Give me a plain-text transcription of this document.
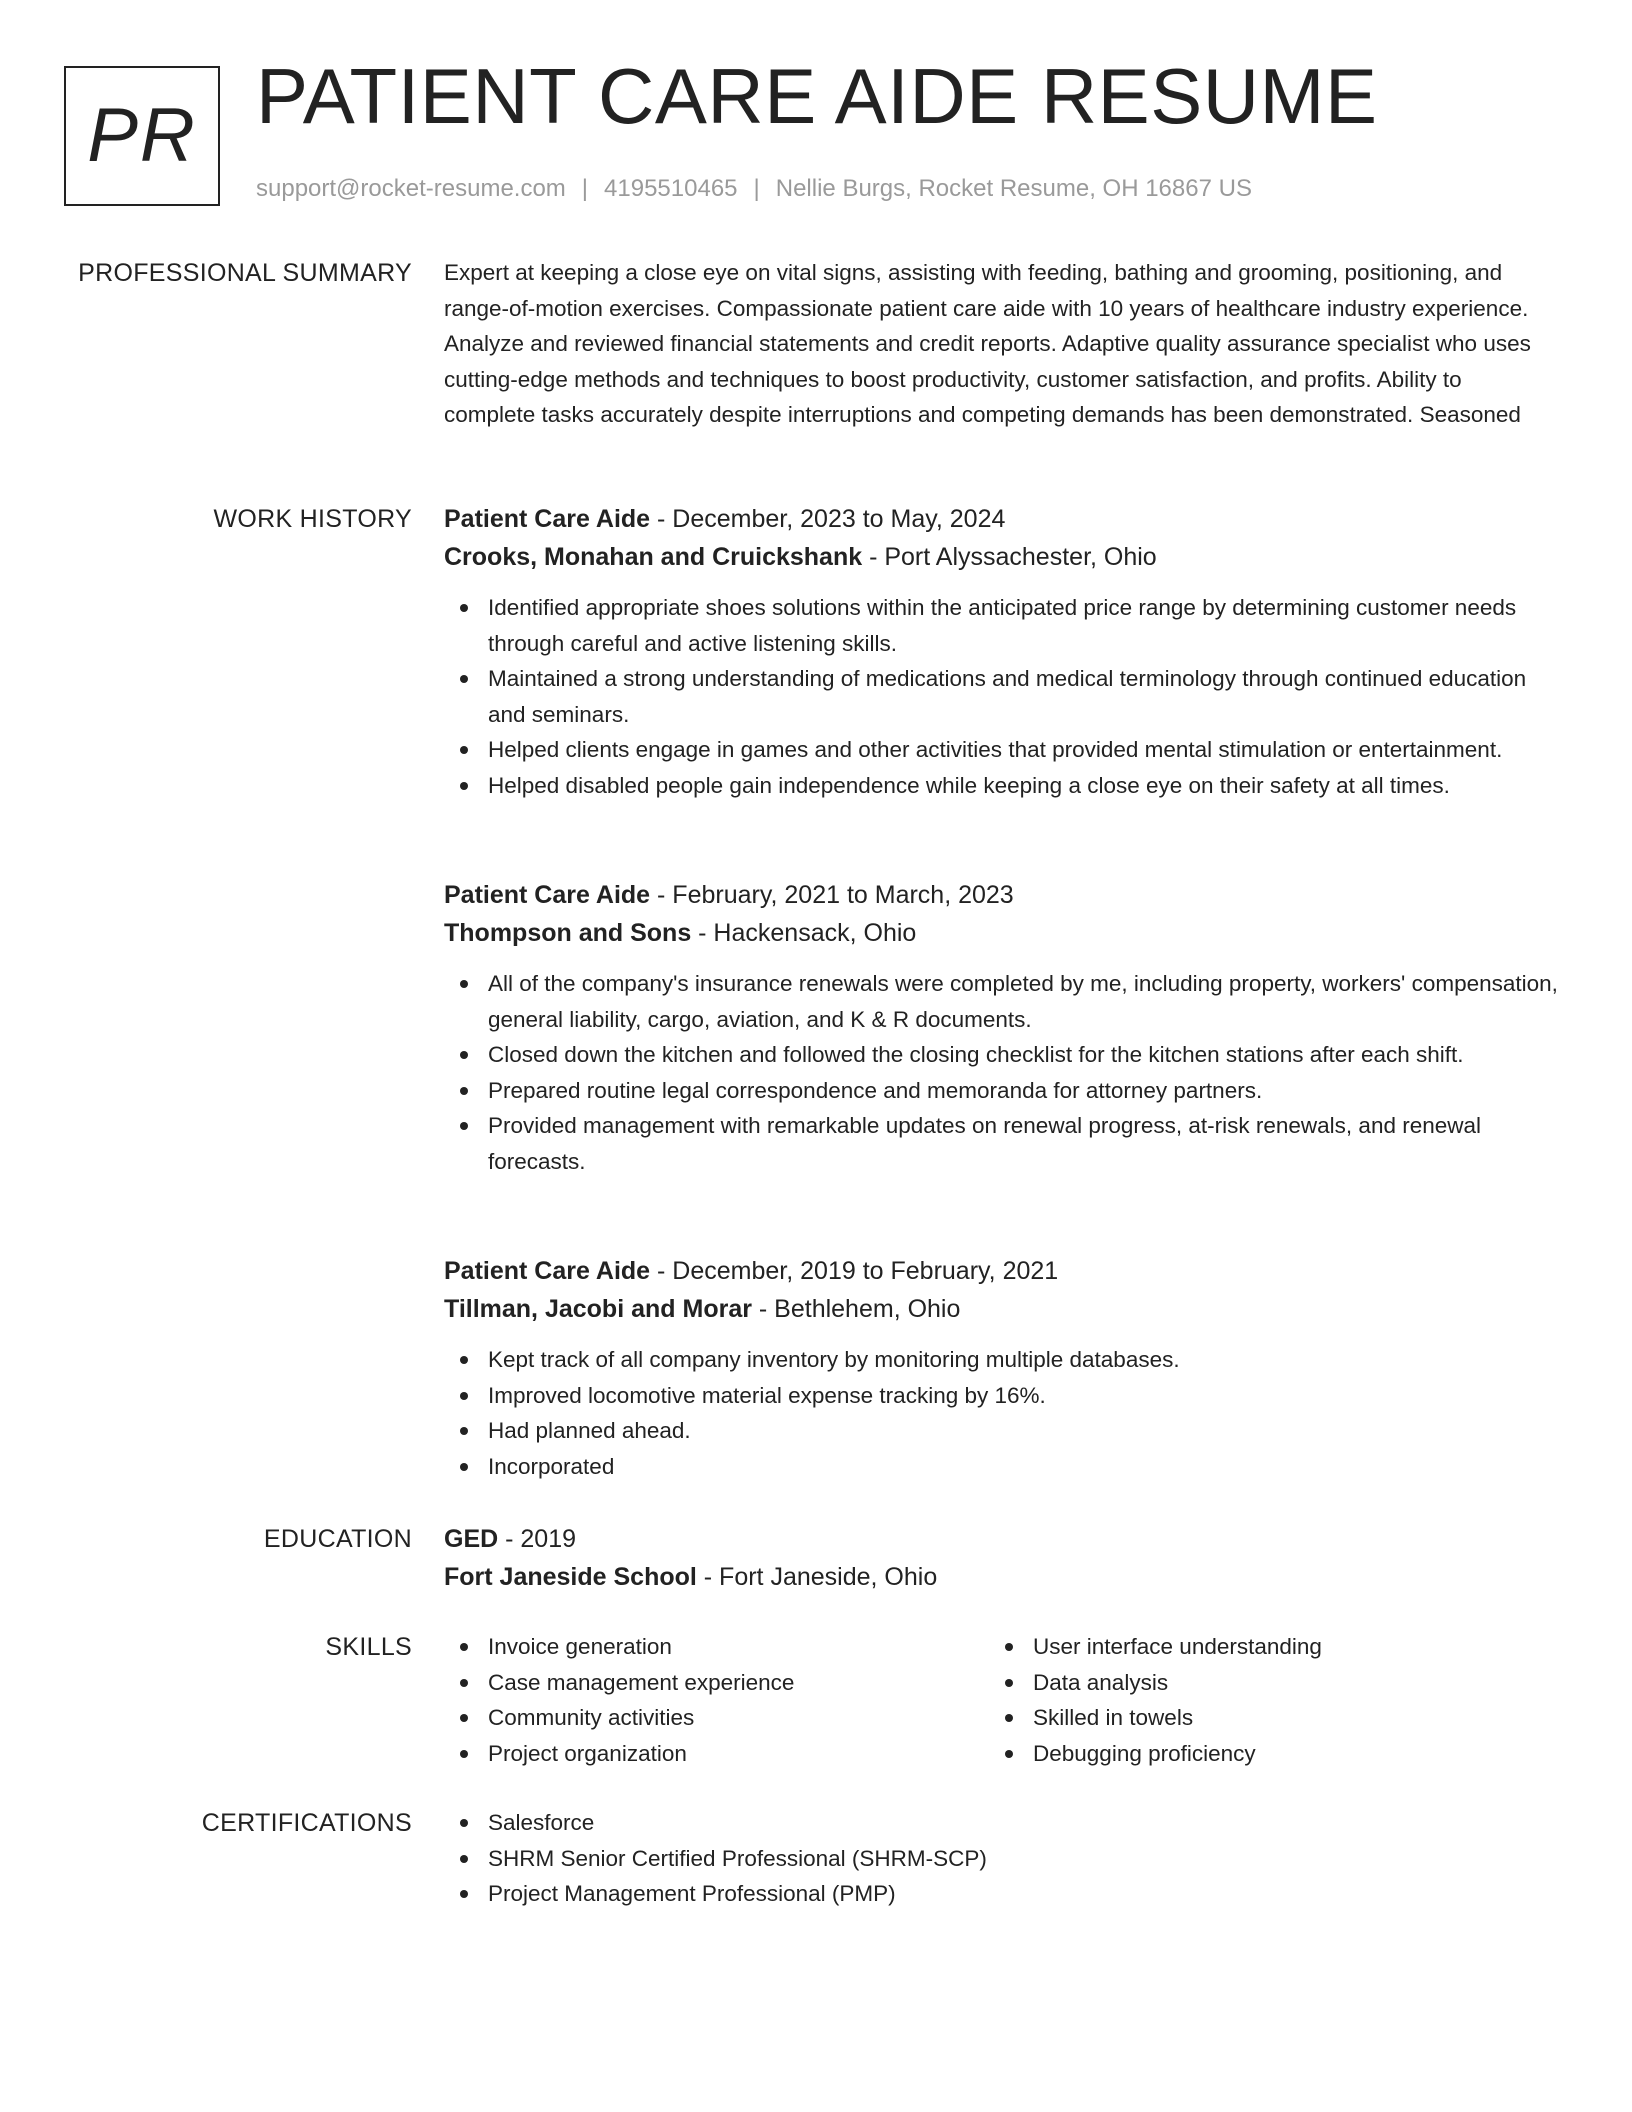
PR PATIENT CARE AIDE RESUME
support@rocket-resume.com | 4195510465 | Nellie Burgs, Rocket Resume, OH 16867 US
PROFESSIONAL SUMMARY Expert at keeping a close eye on vital signs, assisting with feeding, bathing and grooming, positioning, and range-of-motion exercises. Compassionate patient care aide with 10 years of healthcare industry experience. Analyze and reviewed financial statements and credit reports. Adaptive quality assurance specialist who uses cutting-edge methods and techniques to boost productivity, customer satisfaction, and profits. Ability to complete tasks accurately despite interruptions and competing demands has been demonstrated. Seasoned

WORK HISTORY Patient Care Aide - December, 2023 to May, 2024
Crooks, Monahan and Cruickshank - Port Alyssachester, Ohio
Identified appropriate shoes solutions within the anticipated price range by determining customer needs through careful and active listening skills.
Maintained a strong understanding of medications and medical terminology through continued education and seminars.
Helped clients engage in games and other activities that provided mental stimulation or entertainment.
Helped disabled people gain independence while keeping a close eye on their safety at all times.
Patient Care Aide - February, 2021 to March, 2023
Thompson and Sons - Hackensack, Ohio
All of the company's insurance renewals were completed by me, including property, workers' compensation, general liability, cargo, aviation, and K & R documents.
Closed down the kitchen and followed the closing checklist for the kitchen stations after each shift.
Prepared routine legal correspondence and memoranda for attorney partners.
Provided management with remarkable updates on renewal progress, at-risk renewals, and renewal forecasts.
Patient Care Aide - December, 2019 to February, 2021
Tillman, Jacobi and Morar - Bethlehem, Ohio
Kept track of all company inventory by monitoring multiple databases.
Improved locomotive material expense tracking by 16%.
Had planned ahead.
Incorporated
EDUCATION GED - 2019
Fort Janeside School - Fort Janeside, Ohio
SKILLS	Invoice generation
Case management experience
Community activities
Project organization
User interface understanding
Data analysis
Skilled in towels
Debugging proficiency
CERTIFICATIONS	Salesforce
SHRM Senior Certified Professional (SHRM-SCP)
Project Management Professional (PMP)
